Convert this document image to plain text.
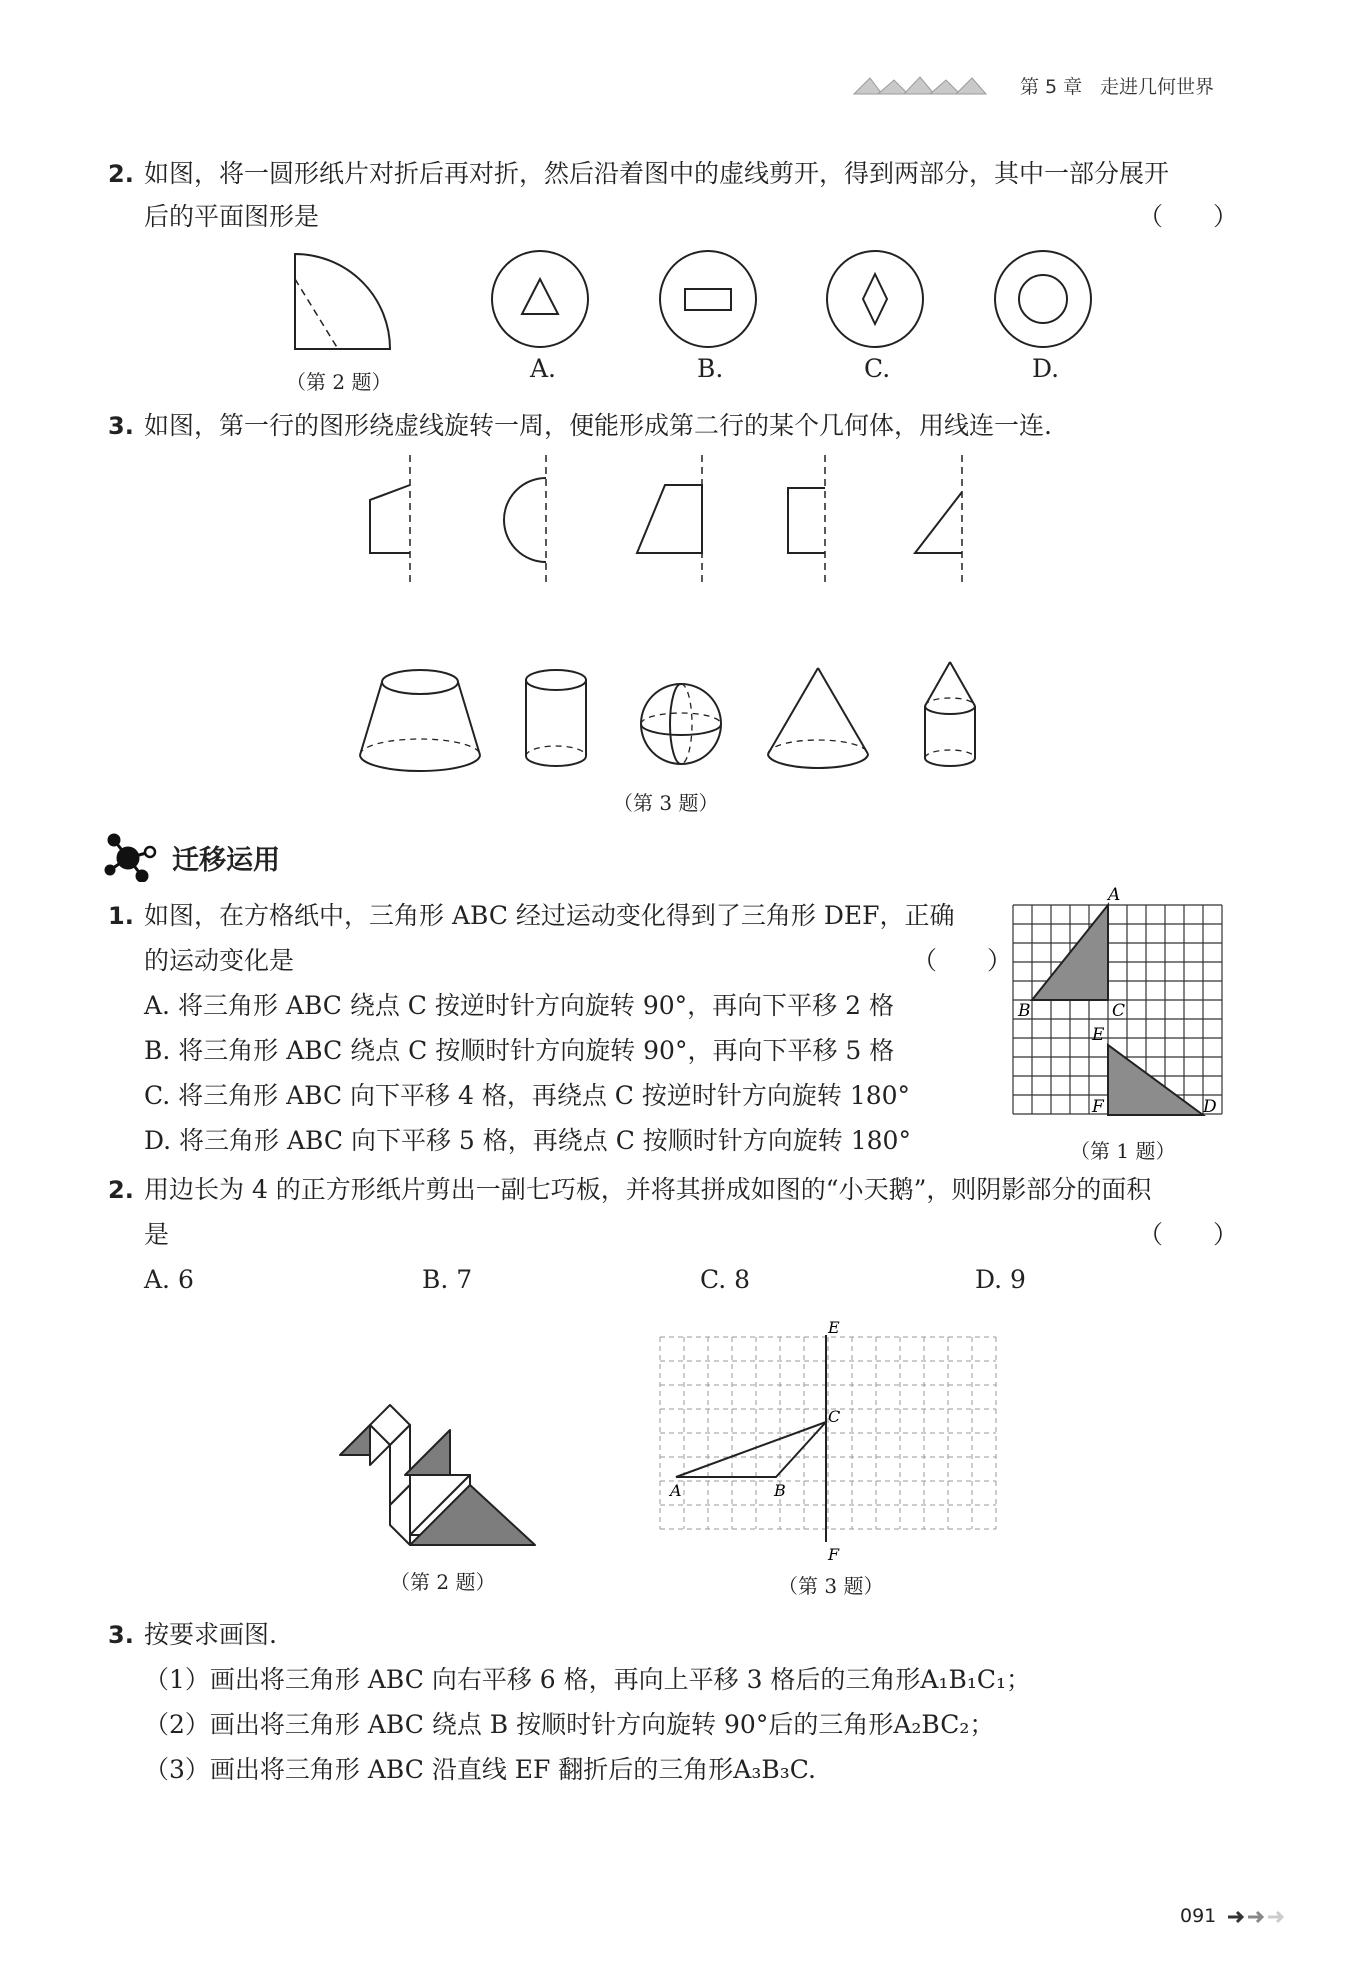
第 5 章 走进几何世界
2. 如图，将一圆形纸片对折后再对折，然后沿着图中的虚线剪开，得到两部分，其中一部分展开
后的平面图形是	（　　）
（第 2 题）	A.	B.	C.	D.
3. 如图，第一行的图形绕虚线旋转一周，便能形成第二行的某个几何体，用线连一连.
（第 3 题）
迁移运用
1. 如图，在方格纸中，三角形 ABC 经过运动变化得到了三角形 DEF，正确
的运动变化是	（　　）
A. 将三角形 ABC 绕点 C 按逆时针方向旋转 90°，再向下平移 2 格
B. 将三角形 ABC 绕点 C 按顺时针方向旋转 90°，再向下平移 5 格
C. 将三角形 ABC 向下平移 4 格，再绕点 C 按逆时针方向旋转 180°
D. 将三角形 ABC 向下平移 5 格，再绕点 C 按顺时针方向旋转 180°
A
B	C
E
F	D
（第 1 题）
2. 用边长为 4 的正方形纸片剪出一副七巧板，并将其拼成如图的“小天鹅”，则阴影部分的面积
是	（　　）
A. 6	B. 7	C. 8	D. 9
（第 2 题）
E
C
A	B
F
（第 3 题）
3. 按要求画图.
（1）画出将三角形 ABC 向右平移 6 格，再向上平移 3 格后的三角形A₁B₁C₁；
（2）画出将三角形 ABC 绕点 B 按顺时针方向旋转 90°后的三角形A₂BC₂；
（3）画出将三角形 ABC 沿直线 EF 翻折后的三角形A₃B₃C.
091
